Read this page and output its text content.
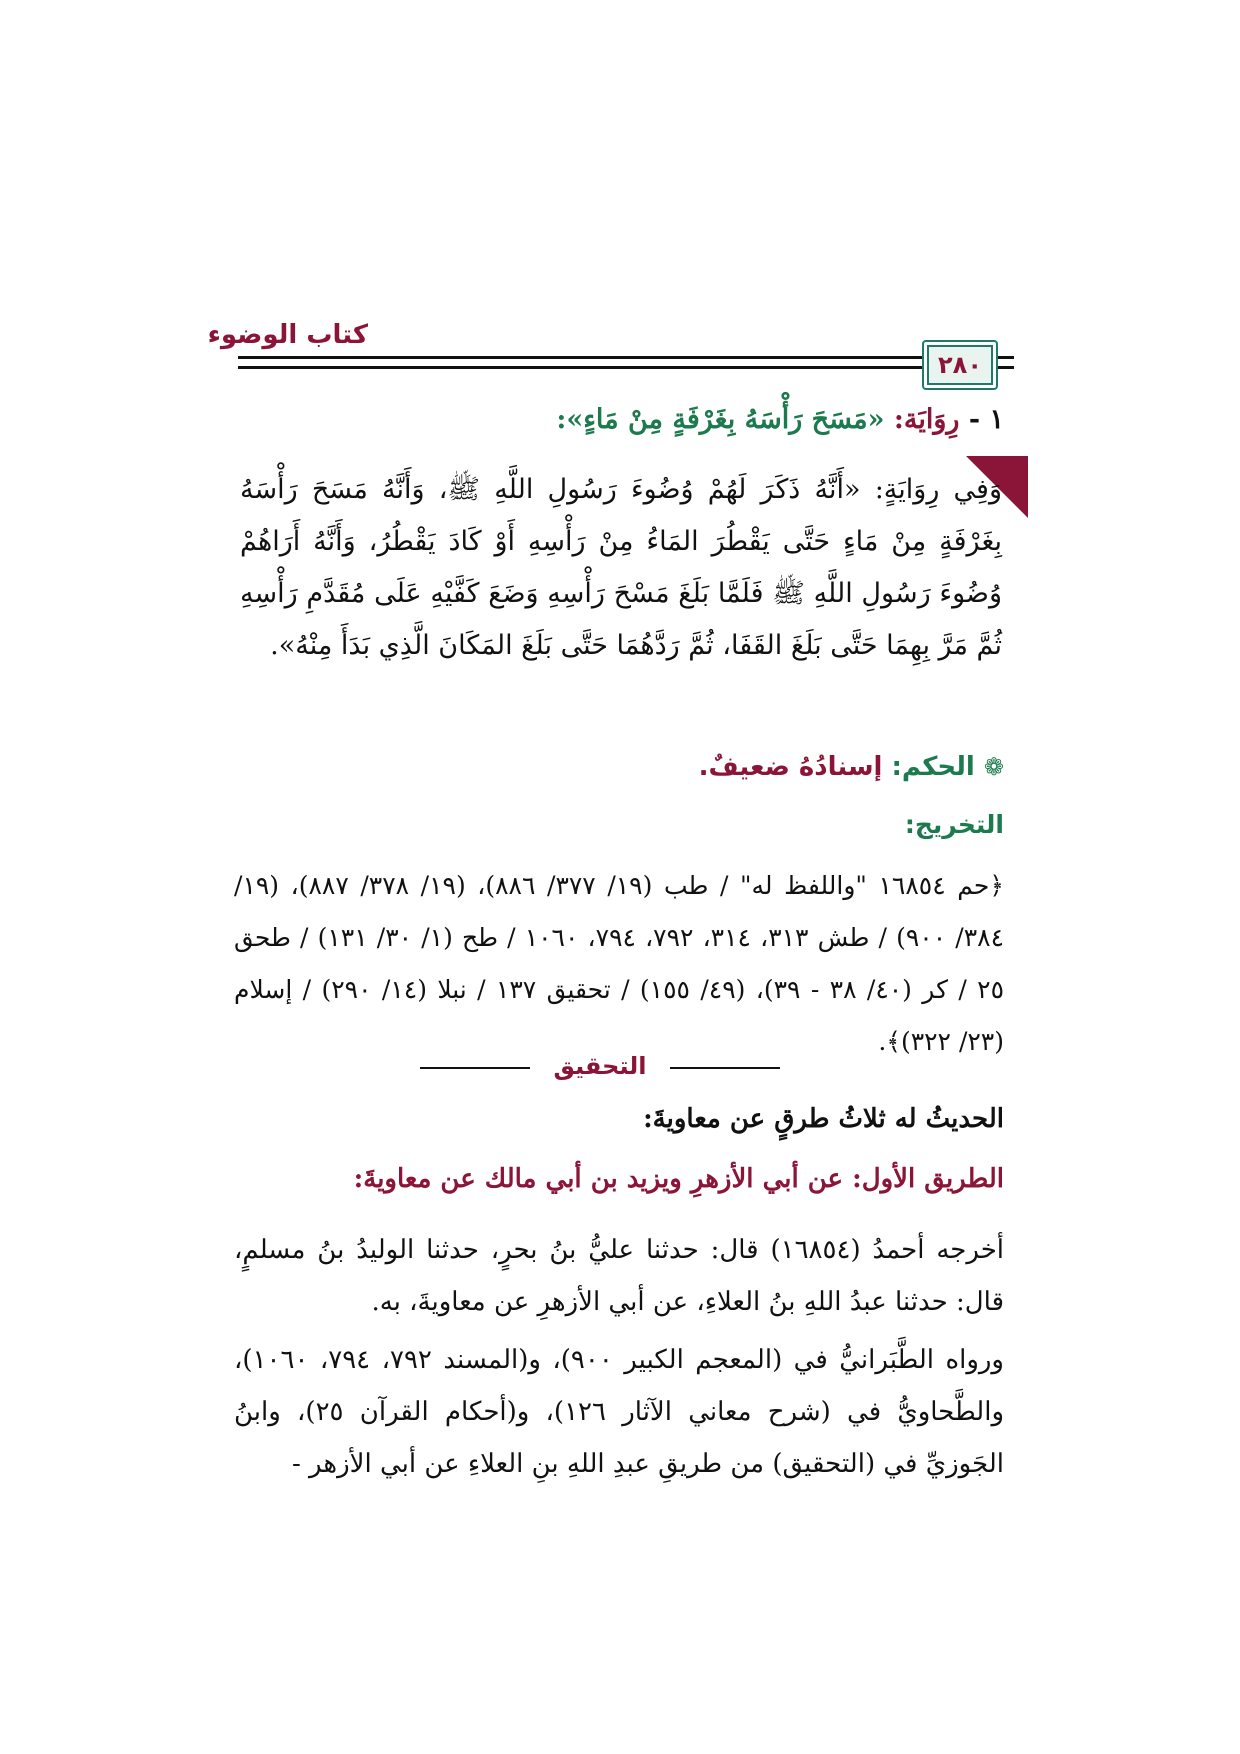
كتاب الوضوء
٢٨٠
١ - رِوَايَة: «مَسَحَ رَأْسَهُ بِغَرْفَةٍ مِنْ مَاءٍ»:
وَفِي رِوَايَةٍ: «أَنَّهُ ذَكَرَ لَهُمْ وُضُوءَ رَسُولِ اللَّهِ ﷺ، وَأَنَّهُ مَسَحَ رَأْسَهُ بِغَرْفَةٍ مِنْ مَاءٍ حَتَّى يَقْطُرَ المَاءُ مِنْ رَأْسِهِ أَوْ كَادَ يَقْطُرُ، وَأَنَّهُ أَرَاهُمْ وُضُوءَ رَسُولِ اللَّهِ ﷺ فَلَمَّا بَلَغَ مَسْحَ رَأْسِهِ وَضَعَ كَفَّيْهِ عَلَى مُقَدَّمِ رَأْسِهِ ثُمَّ مَرَّ بِهِمَا حَتَّى بَلَغَ القَفَا، ثُمَّ رَدَّهُمَا حَتَّى بَلَغَ المَكَانَ الَّذِي بَدَأَ مِنْهُ».
❁ الحكم: إسنادُهُ ضعيفٌ.
التخريج:
﴿حم ١٦٨٥٤ "واللفظ له" / طب (١٩/ ٣٧٧/ ٨٨٦)، (١٩/ ٣٧٨/ ٨٨٧)، (١٩/ ٣٨٤/ ٩٠٠) / طش ٣١٣، ٣١٤، ٧٩٢، ٧٩٤، ١٠٦٠ / طح (١/ ٣٠/ ١٣١) / طحق ٢٥ / كر (٤٠/ ٣٨ - ٣٩)، (٤٩/ ١٥٥) / تحقيق ١٣٧ / نبلا (١٤/ ٢٩٠) / إسلام (٢٣/ ٣٢٢)﴾.
التحقيق
الحديثُ له ثلاثُ طرقٍ عن معاويةَ:
الطريق الأول: عن أبي الأزهرِ ويزيد بن أبي مالك عن معاويةَ:
أخرجه أحمدُ (١٦٨٥٤) قال: حدثنا عليُّ بنُ بحرٍ، حدثنا الوليدُ بنُ مسلمٍ، قال: حدثنا عبدُ اللهِ بنُ العلاءِ، عن أبي الأزهرِ عن معاويةَ، به.
ورواه الطَّبَرانيُّ في (المعجم الكبير ٩٠٠)، و(المسند ٧٩٢، ٧٩٤، ١٠٦٠)، والطَّحاويُّ في (شرح معاني الآثار ١٢٦)، و(أحكام القرآن ٢٥)، وابنُ الجَوزيِّ في (التحقيق) من طريقِ عبدِ اللهِ بنِ العلاءِ عن أبي الأزهر -
